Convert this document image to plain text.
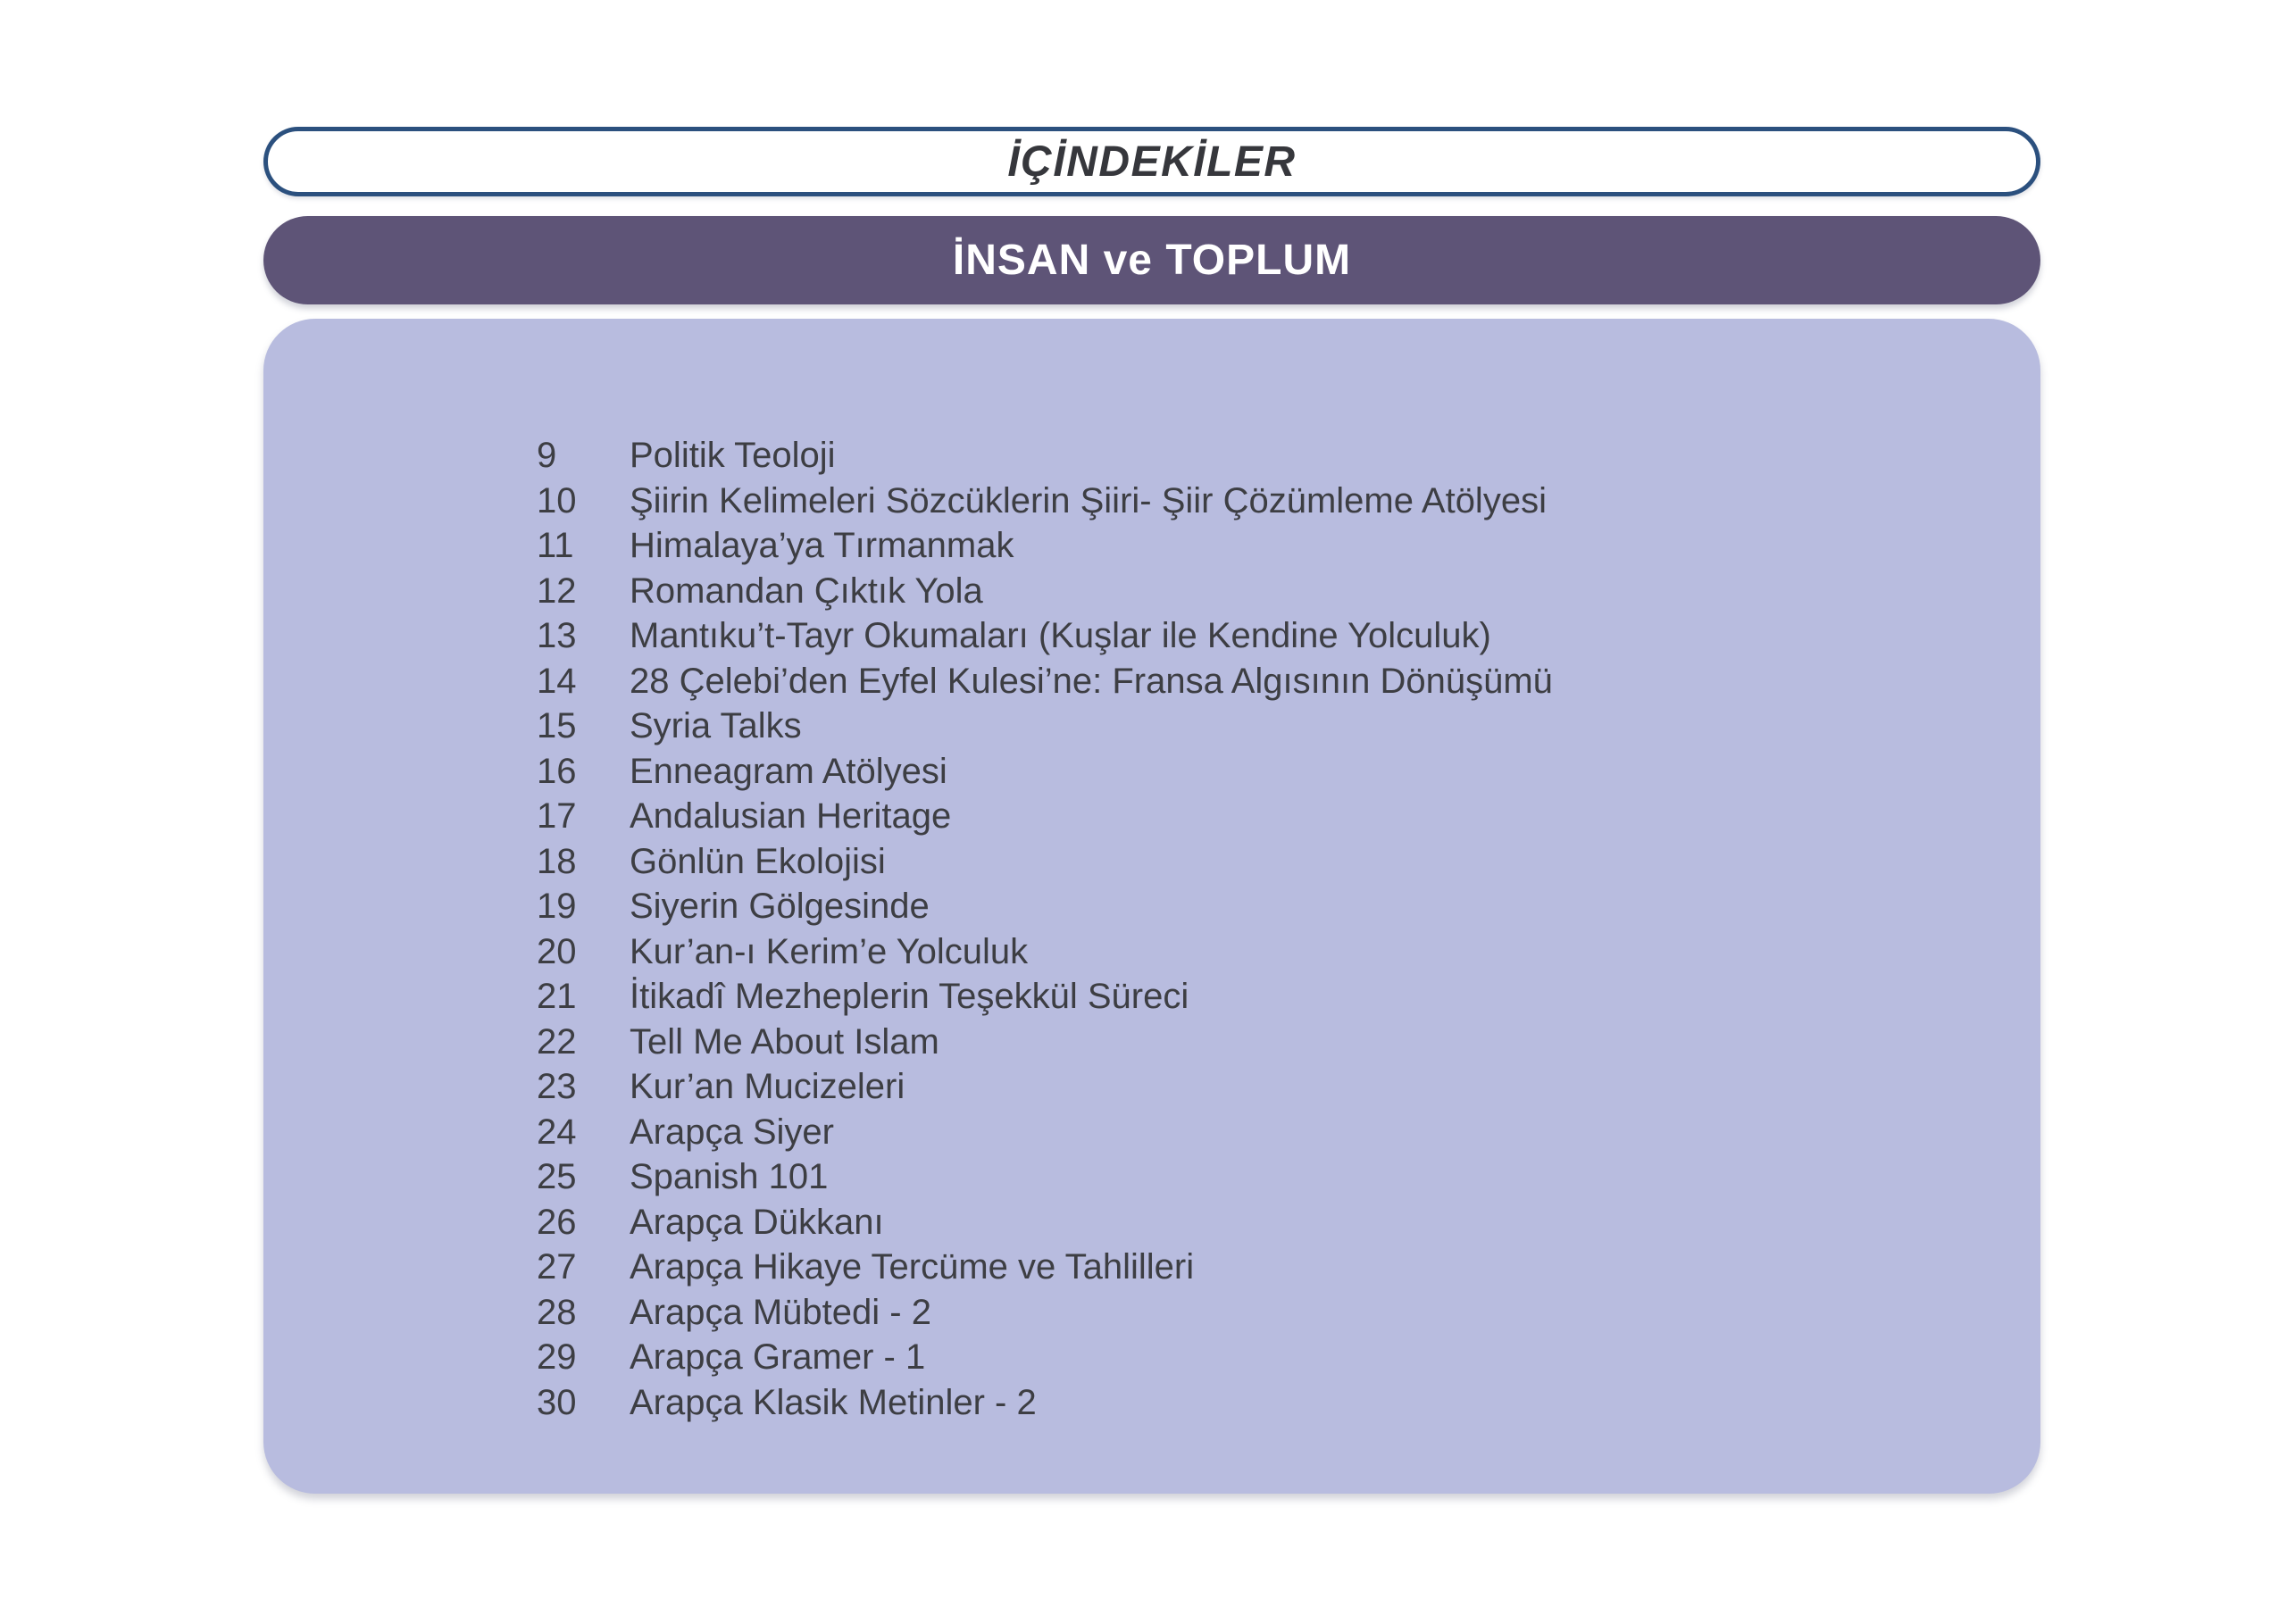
İÇİNDEKİLER
İNSAN ve TOPLUM
9	Politik Teoloji
10	Şiirin Kelimeleri Sözcüklerin Şiiri- Şiir Çözümleme Atölyesi
11	Himalaya’ya Tırmanmak
12	Romandan Çıktık Yola
13	Mantıku’t-Tayr Okumaları (Kuşlar ile Kendine Yolculuk)
14	28 Çelebi’den Eyfel Kulesi’ne: Fransa Algısının Dönüşümü
15	Syria Talks
16	Enneagram Atölyesi
17	Andalusian Heritage
18	Gönlün Ekolojisi
19	Siyerin Gölgesinde
20	Kur’an-ı Kerim’e Yolculuk
21	İtikadî Mezheplerin Teşekkül Süreci
22	Tell Me About Islam
23	Kur’an Mucizeleri
24	Arapça Siyer
25	Spanish 101
26	Arapça Dükkanı
27	Arapça Hikaye Tercüme ve Tahlilleri
28	Arapça Mübtedi - 2
29	Arapça Gramer - 1
30	Arapça Klasik Metinler - 2
